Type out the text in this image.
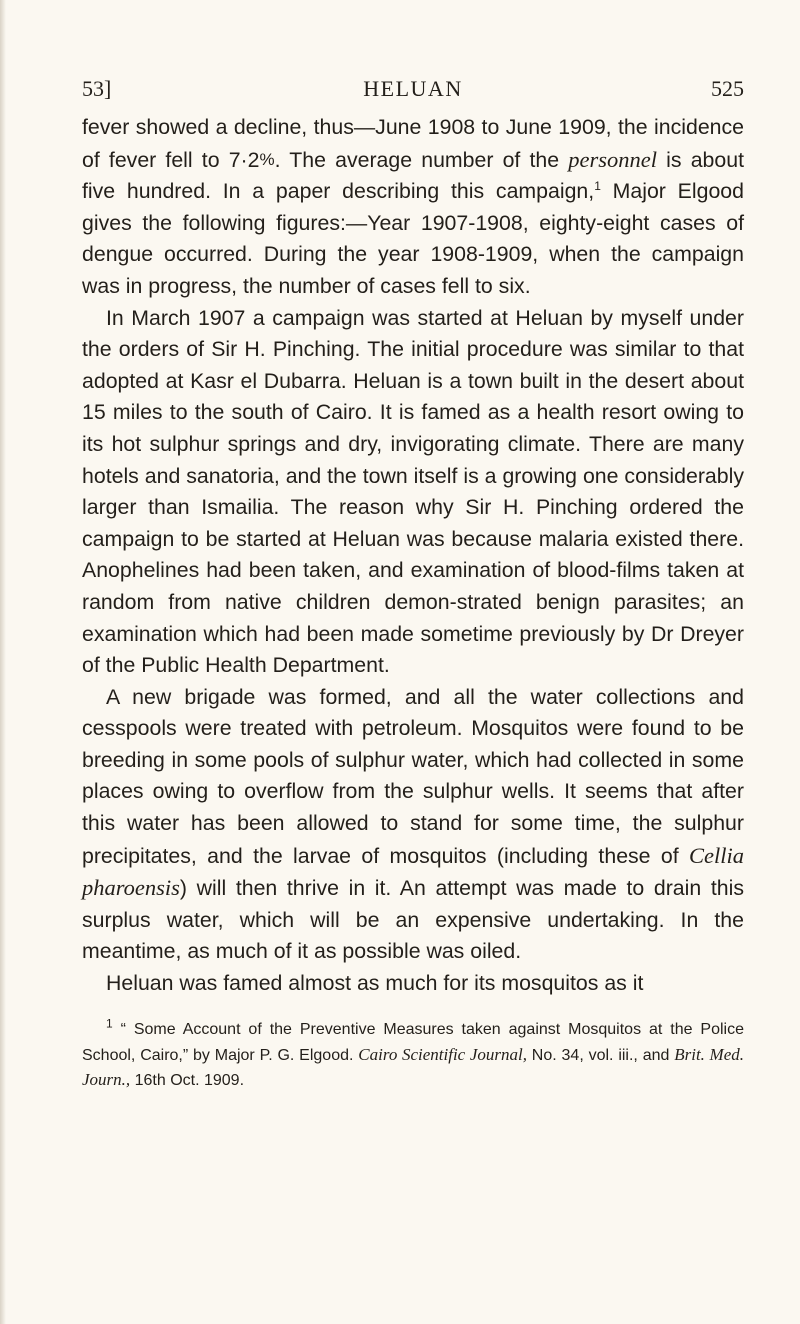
53]	HELUAN	525

fever showed a decline, thus—June 1908 to June 1909, the incidence of fever fell to 7·2%. The average number of the personnel is about five hundred. In a paper describing this campaign,$^1$ Major Elgood gives the following figures:—Year 1907-1908, eighty-eight cases of dengue occurred. During the year 1908-1909, when the campaign was in progress, the number of cases fell to six.

In March 1907 a campaign was started at Heluan by myself under the orders of Sir H. Pinching. The initial procedure was similar to that adopted at Kasr el Dubarra. Heluan is a town built in the desert about 15 miles to the south of Cairo. It is famed as a health resort owing to its hot sulphur springs and dry, invigorating climate. There are many hotels and sanatoria, and the town itself is a growing one considerably larger than Ismailia. The reason why Sir H. Pinching ordered the campaign to be started at Heluan was because malaria existed there. Anophelines had been taken, and examination of blood-films taken at random from native children demon-strated benign parasites; an examination which had been made sometime previously by Dr Dreyer of the Public Health Department.

A new brigade was formed, and all the water collections and cesspools were treated with petroleum. Mosquitos were found to be breeding in some pools of sulphur water, which had collected in some places owing to overflow from the sulphur wells. It seems that after this water has been allowed to stand for some time, the sulphur precipitates, and the larvae of mosquitos (including these of Cellia pharoensis) will then thrive in it. An attempt was made to drain this surplus water, which will be an expensive undertaking. In the meantime, as much of it as possible was oiled.

Heluan was famed almost as much for its mosquitos as it

$^1$ “ Some Account of the Preventive Measures taken against Mosquitos at the Police School, Cairo,” by Major P. G. Elgood. Cairo Scientific Journal, No. 34, vol. iii., and Brit. Med. Journ., 16th Oct. 1909.
